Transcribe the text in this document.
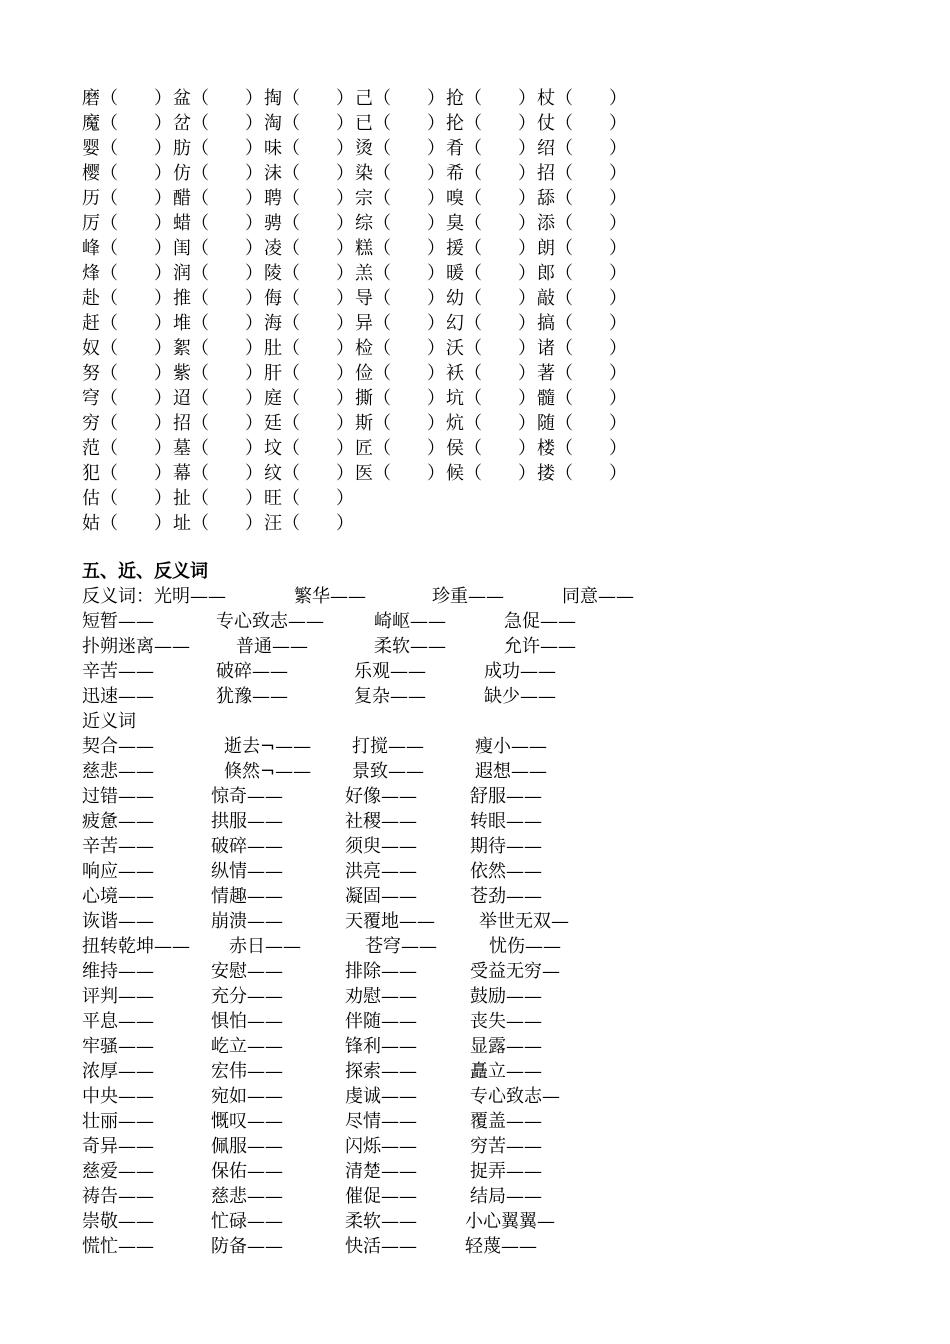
磨（　　） 盆（　　） 掏（　　） 己（　　） 抢（　　） 杖（　　）
魔（　　） 岔（　　） 淘（　　） 已（　　） 抡（　　） 仗（　　）
婴（　　） 肪（　　） 味（　　） 烫（　　） 肴（　　） 绍（　　）
樱（　　） 仿（　　） 沫（　　） 染（　　） 希（　　） 招（　　）
历（　　） 醋（　　） 聘（　　） 宗（　　） 嗅（　　） 舔（　　）
厉（　　） 蜡（　　） 骋（　　） 综（　　） 臭（　　） 添（　　）
峰（　　） 闺（　　） 凌（　　） 糕（　　） 援（　　） 朗（　　）
烽（　　） 润（　　） 陵（　　） 羔（　　） 暖（　　） 郎（　　）
赴（　　） 推（　　） 侮（　　） 导（　　） 幼（　　） 敲（　　）
赶（　　） 堆（　　） 海（　　） 异（　　） 幻（　　） 搞（　　）
奴（　　） 絮（　　） 肚（　　） 检（　　） 沃（　　） 诸（　　）
努（　　） 紫（　　） 肝（　　） 俭（　　） 袄（　　） 著（　　）
穹（　　） 迢（　　） 庭（　　） 撕（　　） 坑（　　） 髓（　　）
穷（　　） 招（　　） 廷（　　） 斯（　　） 炕（　　） 随（　　）
范（　　） 墓（　　） 坟（　　） 匠（　　） 侯（　　） 楼（　　）
犯（　　） 幕（　　） 纹（　　） 医（　　） 候（　　） 搂（　　）
估（　　） 扯（　　） 旺（　　）
姑（　　） 址（　　） 汪（　　）
五、近、反义词
反义词：光明——	繁华——	珍重——	同意——
短暂——	专心致志——	崎岖——	急促——
扑朔迷离——	普通——	柔软——	允许——
辛苦——	破碎——	乐观——	成功——
迅速——	犹豫——	复杂——	缺少——
近义词
契合——	逝去¬—— 打搅——	瘦小——
慈悲——	倏然¬—— 景致——	遐想——
过错——	惊奇——	好像——	舒服——
疲惫——	拱服——	社稷——	转眼——
辛苦——	破碎——	须臾——	期待——
响应——	纵情——	洪亮——	依然——
心境——	情趣——	凝固——	苍劲——
诙谐——	崩溃——	天覆地—— 举世无双—
扭转乾坤—— 赤日——	苍穹——	忧伤——
维持——	安慰——	排除——	受益无穷—
评判——	充分——	劝慰——	鼓励——
平息——	惧怕——	伴随——	丧失——
牢骚——	屹立——	锋利——	显露——
浓厚——	宏伟——	探索——	矗立——
中央——	宛如——	虔诚——	专心致志—
壮丽——	慨叹——	尽情——	覆盖——
奇异——	佩服——	闪烁——	穷苦——
慈爱——	保佑——	清楚——	捉弄——
祷告——	慈悲——	催促——	结局——
崇敬——	忙碌——	柔软——	小心翼翼—
慌忙——	防备——	快活——	轻蔑——
